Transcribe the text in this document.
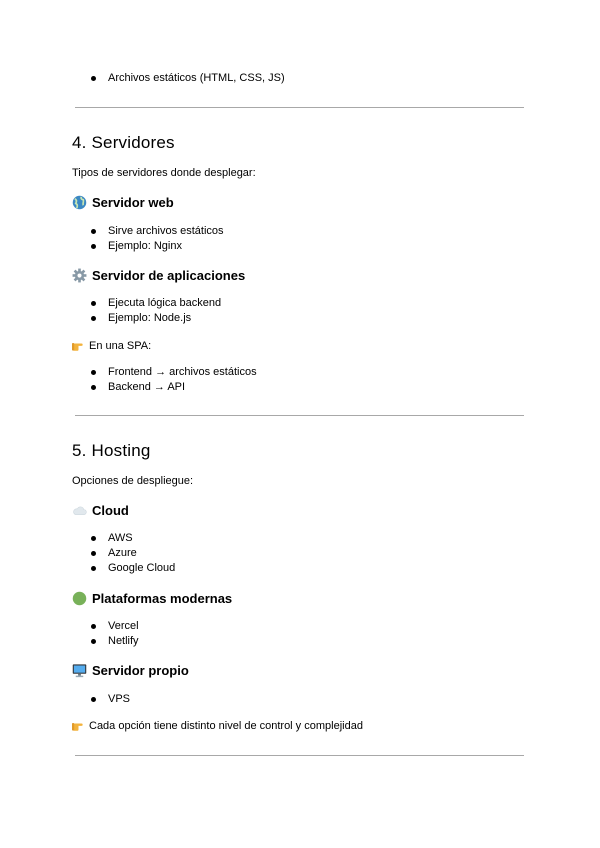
Archivos estáticos (HTML, CSS, JS)
4. Servidores
Tipos de servidores donde desplegar:
Servidor web
Sirve archivos estáticos
Ejemplo: Nginx
Servidor de aplicaciones
Ejecuta lógica backend
Ejemplo: Node.js
En una SPA:
Frontend → archivos estáticos
Backend → API
5. Hosting
Opciones de despliegue:
Cloud
AWS
Azure
Google Cloud
Plataformas modernas
Vercel
Netlify
Servidor propio
VPS
Cada opción tiene distinto nivel de control y complejidad
